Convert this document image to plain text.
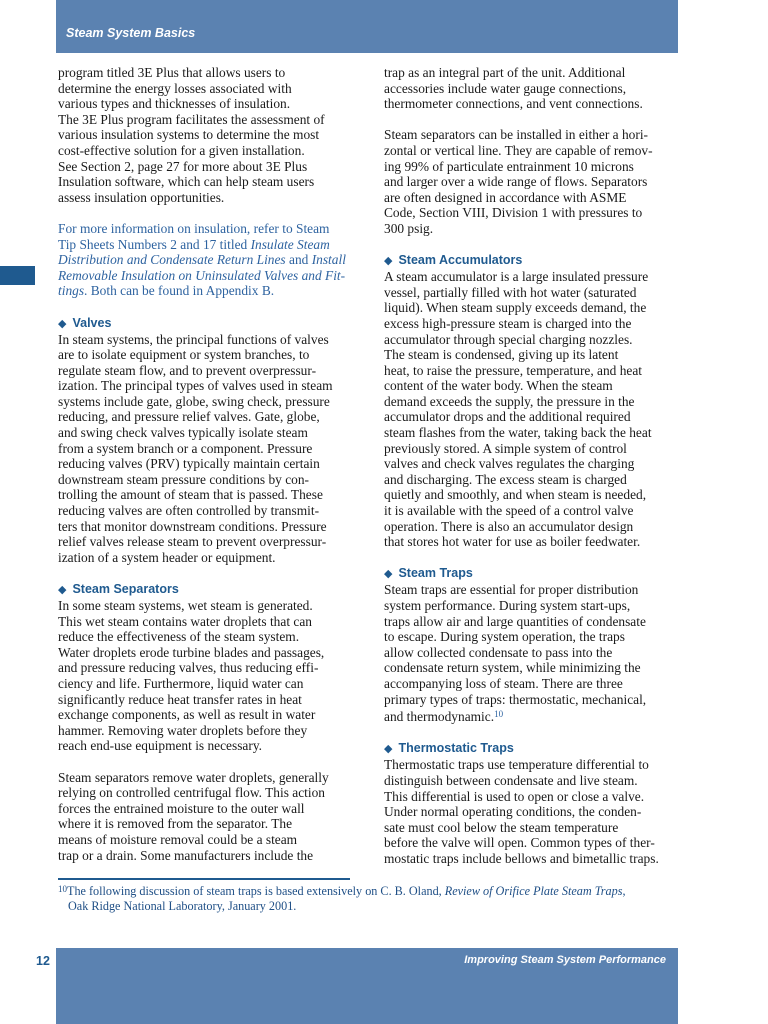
Steam System Basics

program titled 3E Plus that allows users to

determine the energy losses associated with

various types and thicknesses of insulation.

The 3E Plus program facilitates the assessment of

various insulation systems to determine the most

cost-effective solution for a given installation.

See Section 2, page 27 for more about 3E Plus

Insulation software, which can help steam users

assess insulation opportunities.

For more information on insulation, refer to Steam

Tip Sheets Numbers 2 and 17 titled Insulate Steam

Distribution and Condensate Return Lines and Install

Removable Insulation on Uninsulated Valves and Fit-

tings. Both can be found in Appendix B.

◆ Valves

In steam systems, the principal functions of valves

are to isolate equipment or system branches, to

regulate steam flow, and to prevent overpressur-

ization. The principal types of valves used in steam

systems include gate, globe, swing check, pressure

reducing, and pressure relief valves. Gate, globe,

and swing check valves typically isolate steam

from a system branch or a component. Pressure

reducing valves (PRV) typically maintain certain

downstream steam pressure conditions by con-

trolling the amount of steam that is passed. These

reducing valves are often controlled by transmit-

ters that monitor downstream conditions. Pressure

relief valves release steam to prevent overpressur-

ization of a system header or equipment.

◆ Steam Separators

In some steam systems, wet steam is generated.

This wet steam contains water droplets that can

reduce the effectiveness of the steam system.

Water droplets erode turbine blades and passages,

and pressure reducing valves, thus reducing effi-

ciency and life. Furthermore, liquid water can

significantly reduce heat transfer rates in heat

exchange components, as well as result in water

hammer. Removing water droplets before they

reach end-use equipment is necessary.

Steam separators remove water droplets, generally

relying on controlled centrifugal flow. This action

forces the entrained moisture to the outer wall

where it is removed from the separator. The

means of moisture removal could be a steam

trap or a drain. Some manufacturers include the

trap as an integral part of the unit. Additional

accessories include water gauge connections,

thermometer connections, and vent connections.

Steam separators can be installed in either a hori-

zontal or vertical line. They are capable of remov-

ing 99% of particulate entrainment 10 microns

and larger over a wide range of flows. Separators

are often designed in accordance with ASME

Code, Section VIII, Division 1 with pressures to

300 psig.

◆ Steam Accumulators

A steam accumulator is a large insulated pressure

vessel, partially filled with hot water (saturated

liquid). When steam supply exceeds demand, the

excess high-pressure steam is charged into the

accumulator through special charging nozzles.

The steam is condensed, giving up its latent

heat, to raise the pressure, temperature, and heat

content of the water body. When the steam

demand exceeds the supply, the pressure in the

accumulator drops and the additional required

steam flashes from the water, taking back the heat

previously stored. A simple system of control

valves and check valves regulates the charging

and discharging. The excess steam is charged

quietly and smoothly, and when steam is needed,

it is available with the speed of a control valve

operation. There is also an accumulator design

that stores hot water for use as boiler feedwater.

◆ Steam Traps

Steam traps are essential for proper distribution

system performance. During system start-ups,

traps allow air and large quantities of condensate

to escape. During system operation, the traps

allow collected condensate to pass into the

condensate return system, while minimizing the

accompanying loss of steam. There are three

primary types of traps: thermostatic, mechanical,

and thermodynamic.$^{10}$

◆ Thermostatic Traps

Thermostatic traps use temperature differential to

distinguish between condensate and live steam.

This differential is used to open or close a valve.

Under normal operating conditions, the conden-

sate must cool below the steam temperature

before the valve will open. Common types of ther-

mostatic traps include bellows and bimetallic traps.

$^{10}$The following discussion of steam traps is based extensively on C. B. Oland, Review of Orifice Plate Steam Traps,
Oak Ridge National Laboratory, January 2001.
12	Improving Steam System Performance
